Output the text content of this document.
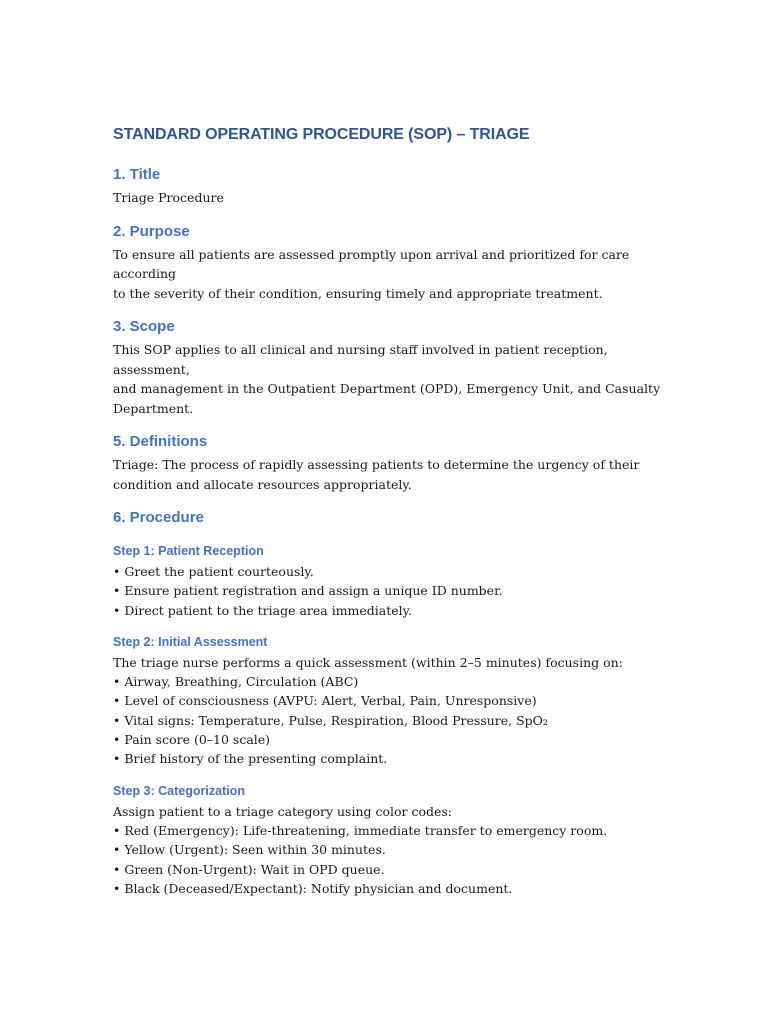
STANDARD OPERATING PROCEDURE (SOP) – TRIAGE
1. Title

Triage Procedure

2. Purpose

To ensure all patients are assessed promptly upon arrival and prioritized for care according

to the severity of their condition, ensuring timely and appropriate treatment.

3. Scope

This SOP applies to all clinical and nursing staff involved in patient reception, assessment,

and management in the Outpatient Department (OPD), Emergency Unit, and Casualty

Department.

5. Definitions

Triage: The process of rapidly assessing patients to determine the urgency of their

condition and allocate resources appropriately.

6. Procedure
Step 1: Patient Reception

• Greet the patient courteously.

• Ensure patient registration and assign a unique ID number.

• Direct patient to the triage area immediately.

Step 2: Initial Assessment

The triage nurse performs a quick assessment (within 2–5 minutes) focusing on:

• Airway, Breathing, Circulation (ABC)

• Level of consciousness (AVPU: Alert, Verbal, Pain, Unresponsive)

• Vital signs: Temperature, Pulse, Respiration, Blood Pressure, SpO₂

• Pain score (0–10 scale)

• Brief history of the presenting complaint.

Step 3: Categorization

Assign patient to a triage category using color codes:

• Red (Emergency): Life-threatening, immediate transfer to emergency room.

• Yellow (Urgent): Seen within 30 minutes.

• Green (Non-Urgent): Wait in OPD queue.

• Black (Deceased/Expectant): Notify physician and document.
